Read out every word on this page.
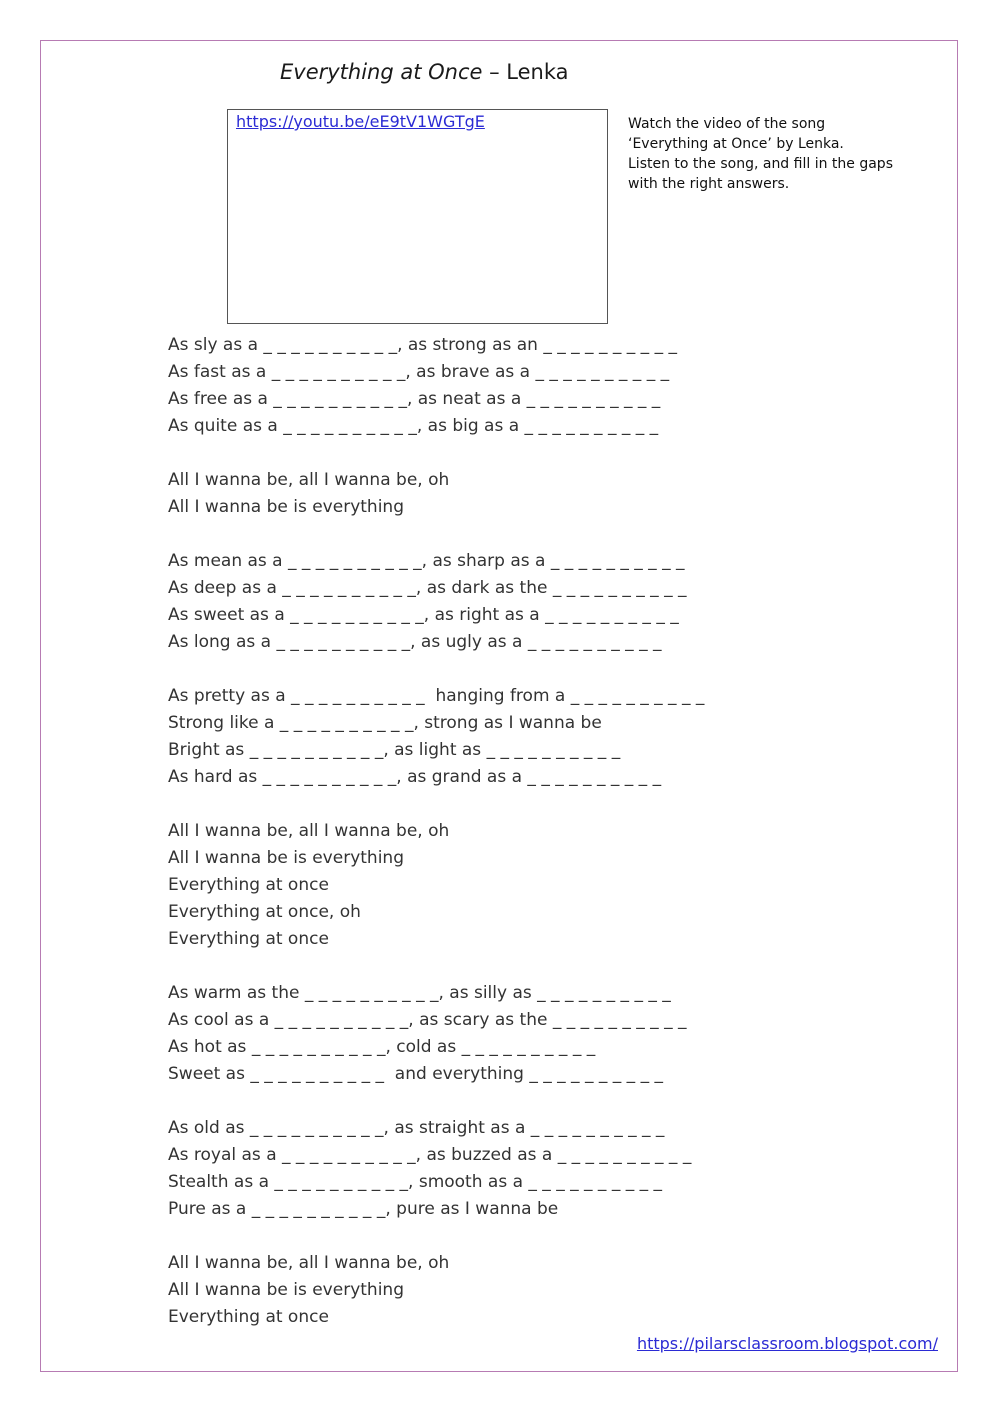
Everything at Once – Lenka
https://youtu.be/eE9tV1WGTgE	Watch the video of the song
‘Everything at Once’ by Lenka.
Listen to the song, and fill in the gaps
with the right answers.
As sly as a _ _ _ _ _ _ _ _ _ _, as strong as an _ _ _ _ _ _ _ _ _ _
As fast as a _ _ _ _ _ _ _ _ _ _, as brave as a _ _ _ _ _ _ _ _ _ _
As free as a _ _ _ _ _ _ _ _ _ _, as neat as a _ _ _ _ _ _ _ _ _ _
As quite as a _ _ _ _ _ _ _ _ _ _, as big as a _ _ _ _ _ _ _ _ _ _
All I wanna be, all I wanna be, oh
All I wanna be is everything
As mean as a _ _ _ _ _ _ _ _ _ _, as sharp as a _ _ _ _ _ _ _ _ _ _
As deep as a _ _ _ _ _ _ _ _ _ _, as dark as the _ _ _ _ _ _ _ _ _ _
As sweet as a _ _ _ _ _ _ _ _ _ _, as right as a _ _ _ _ _ _ _ _ _ _
As long as a _ _ _ _ _ _ _ _ _ _, as ugly as a _ _ _ _ _ _ _ _ _ _
As pretty as a _ _ _ _ _ _ _ _ _ _  hanging from a _ _ _ _ _ _ _ _ _ _
Strong like a _ _ _ _ _ _ _ _ _ _, strong as I wanna be
Bright as _ _ _ _ _ _ _ _ _ _, as light as _ _ _ _ _ _ _ _ _ _
As hard as _ _ _ _ _ _ _ _ _ _, as grand as a _ _ _ _ _ _ _ _ _ _
All I wanna be, all I wanna be, oh
All I wanna be is everything
Everything at once
Everything at once, oh
Everything at once
As warm as the _ _ _ _ _ _ _ _ _ _, as silly as _ _ _ _ _ _ _ _ _ _
As cool as a _ _ _ _ _ _ _ _ _ _, as scary as the _ _ _ _ _ _ _ _ _ _
As hot as _ _ _ _ _ _ _ _ _ _, cold as _ _ _ _ _ _ _ _ _ _
Sweet as _ _ _ _ _ _ _ _ _ _  and everything _ _ _ _ _ _ _ _ _ _
As old as _ _ _ _ _ _ _ _ _ _, as straight as a _ _ _ _ _ _ _ _ _ _
As royal as a _ _ _ _ _ _ _ _ _ _, as buzzed as a _ _ _ _ _ _ _ _ _ _
Stealth as a _ _ _ _ _ _ _ _ _ _, smooth as a _ _ _ _ _ _ _ _ _ _
Pure as a _ _ _ _ _ _ _ _ _ _, pure as I wanna be
All I wanna be, all I wanna be, oh
All I wanna be is everything
Everything at once
https://pilarsclassroom.blogspot.com/
